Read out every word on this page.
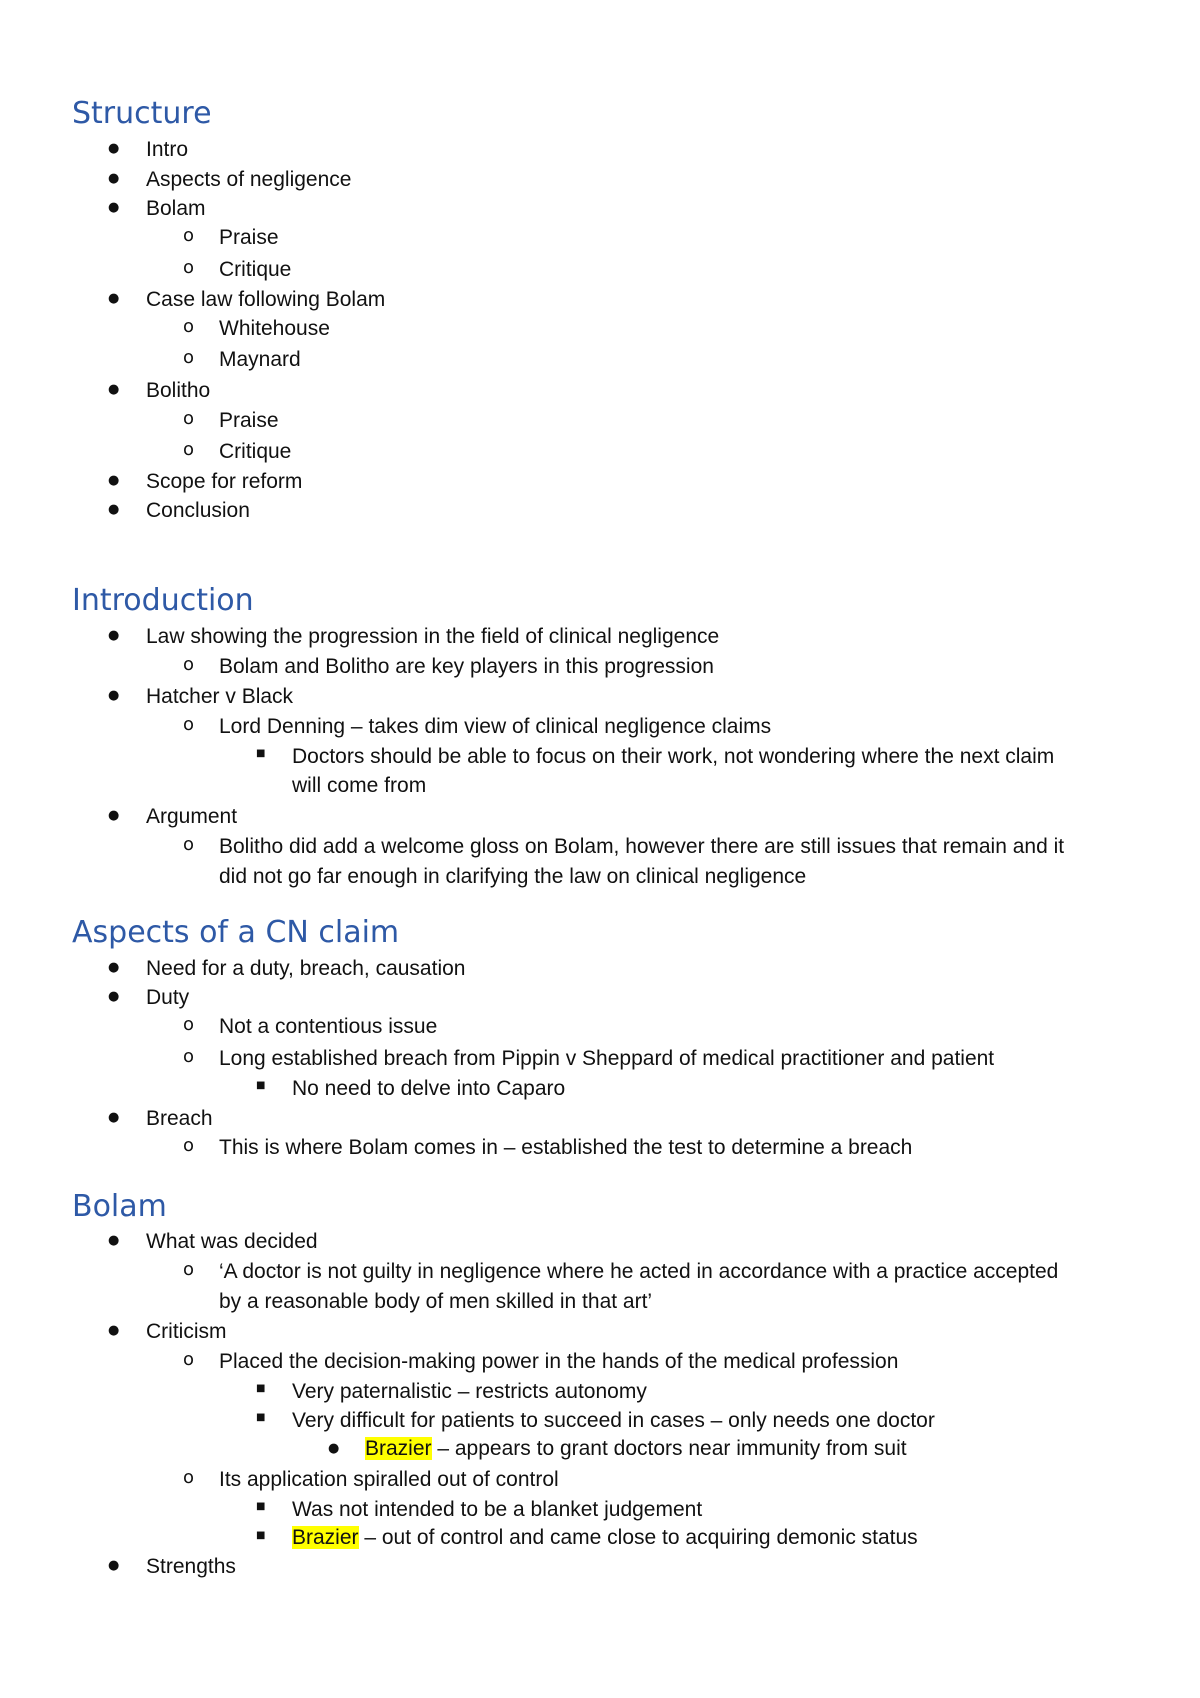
Structure
● Intro
● Aspects of negligence
● Bolam
o Praise
o Critique
● Case law following Bolam
o Whitehouse
o Maynard
● Bolitho
o Praise
o Critique
● Scope for reform
● Conclusion
Introduction
● Law showing the progression in the field of clinical negligence
o Bolam and Bolitho are key players in this progression
● Hatcher v Black
o Lord Denning – takes dim view of clinical negligence claims
■ Doctors should be able to focus on their work, not wondering where the next claim
will come from
● Argument
o Bolitho did add a welcome gloss on Bolam, however there are still issues that remain and it
did not go far enough in clarifying the law on clinical negligence
Aspects of a CN claim
● Need for a duty, breach, causation
● Duty
o Not a contentious issue
o Long established breach from Pippin v Sheppard of medical practitioner and patient
■ No need to delve into Caparo
● Breach
o This is where Bolam comes in – established the test to determine a breach
Bolam
● What was decided
o ‘A doctor is not guilty in negligence where he acted in accordance with a practice accepted
by a reasonable body of men skilled in that art’
● Criticism
o Placed the decision-making power in the hands of the medical profession
■ Very paternalistic – restricts autonomy
■ Very difficult for patients to succeed in cases – only needs one doctor
● Brazier – appears to grant doctors near immunity from suit
o Its application spiralled out of control
■ Was not intended to be a blanket judgement
■ Brazier – out of control and came close to acquiring demonic status
● Strengths
